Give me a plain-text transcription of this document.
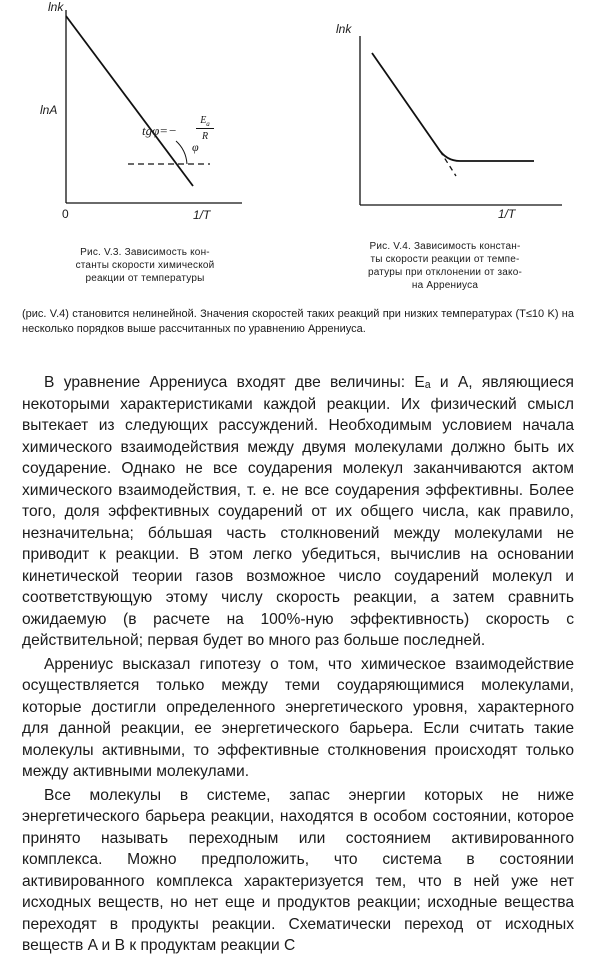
lnk
lnA
0	1/T
tgφ=−
$E_a$
R
φ
Рис. V.3. Зависимость кон-
станты скорости химической
реакции от температуры
lnk
1/T
Рис. V.4. Зависимость констан-
ты скорости реакции от темпе-
ратуры при отклонении от зако-
на Аррениуса
(рис. V.4) становится нелинейной. Значения скоростей таких реакций при низких температурах (T≤10 K) на несколько порядков выше рассчитанных по уравнению Аррениуса.

В уравнение Аррениуса входят две величины: Eₐ и A, являющиеся некоторыми характеристиками каждой реакции. Их физический смысл вытекает из следующих рассуждений. Необходимым условием начала химического взаимодействия между двумя молекулами должно быть их соударение. Однако не все соударения молекул заканчиваются актом химического взаимодействия, т. е. не все соударения эффективны. Более того, доля эффективных соударений от их общего числа, как правило, незначительна; бóльшая часть столкновений между молекулами не приводит к реакции. В этом легко убедиться, вычислив на основании кинетической теории газов возможное число соударений молекул и соответствующую этому числу скорость реакции, а затем сравнить ожидаемую (в расчете на 100%-ную эффективность) скорость с действительной; первая будет во много раз больше последней.

Аррениус высказал гипотезу о том, что химическое взаимодействие осуществляется только между теми соударяющимися молекулами, которые достигли определенного энергетического уровня, характерного для данной реакции, ее энергетического барьера. Если считать такие молекулы активными, то эффективные столкновения происходят только между активными молекулами.

Все молекулы в системе, запас энергии которых не ниже энергетического барьера реакции, находятся в особом состоянии, которое принято называть переходным или состоянием активированного комплекса. Можно предположить, что система в состоянии активированного комплекса характеризуется тем, что в ней уже нет исходных веществ, но нет еще и продуктов реакции; исходные вещества переходят в продукты реакции. Схематически переход от исходных веществ A и B к продуктам реакции C
